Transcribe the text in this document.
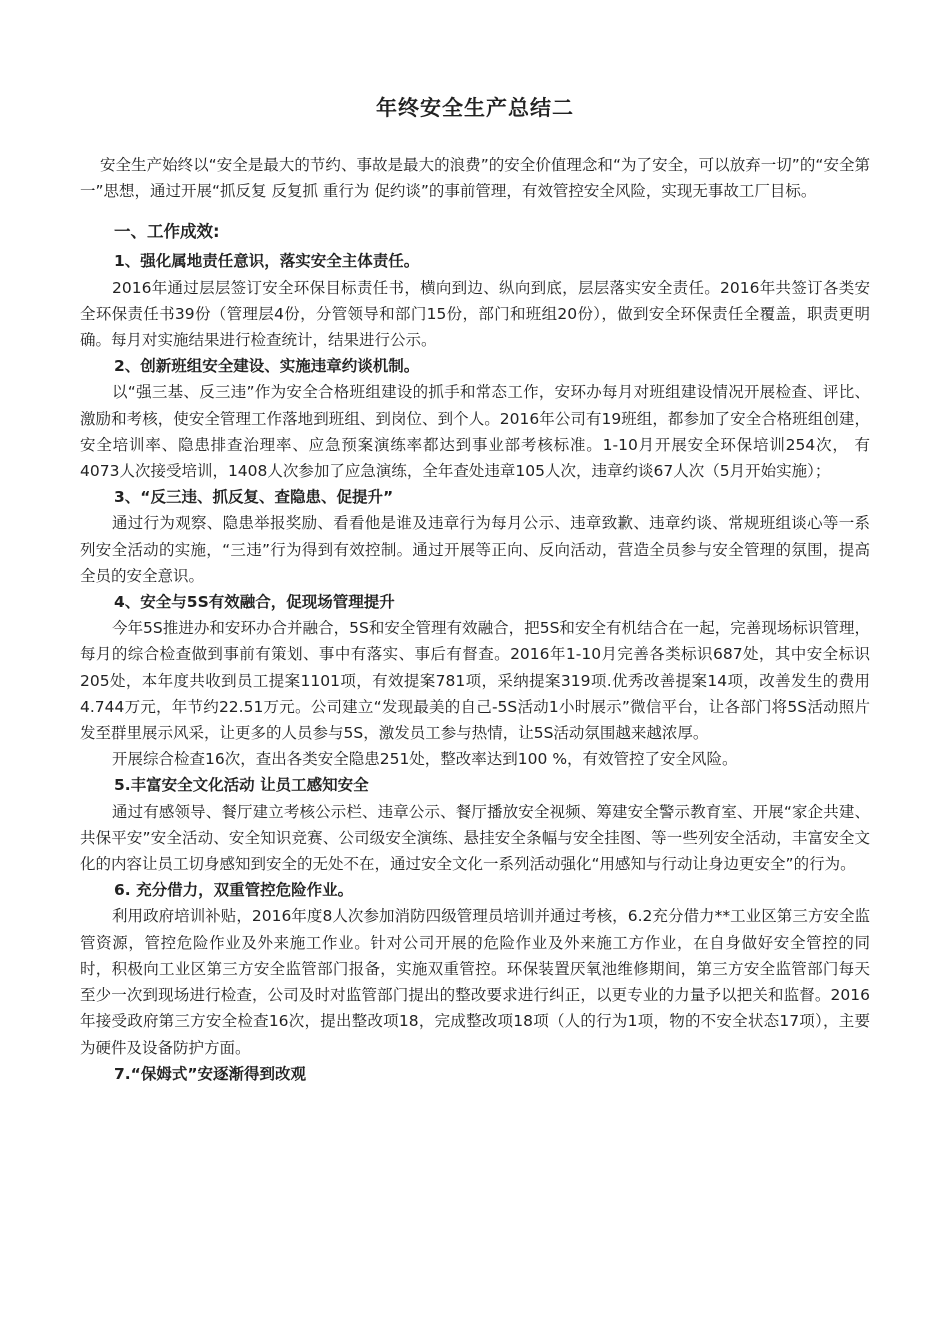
年终安全生产总结二

安全生产始终以“安全是最大的节约、事故是最大的浪费”的安全价值理念和“为了安全，可以放弃一切”的“安全第一”思想，通过开展“抓反复 反复抓 重行为 促约谈”的事前管理，有效管控安全风险，实现无事故工厂目标。

一、工作成效:
1、强化属地责任意识，落实安全主体责任。

2016年通过层层签订安全环保目标责任书，横向到边、纵向到底，层层落实安全责任。2016年共签订各类安全环保责任书39份（管理层4份，分管领导和部门15份，部门和班组20份），做到安全环保责任全覆盖，职责更明确。每月对实施结果进行检查统计，结果进行公示。

2、创新班组安全建设、实施违章约谈机制。

以“强三基、反三违”作为安全合格班组建设的抓手和常态工作，安环办每月对班组建设情况开展检查、评比、激励和考核，使安全管理工作落地到班组、到岗位、到个人。2016年公司有19班组，都参加了安全合格班组创建，安全培训率、隐患排查治理率、应急预案演练率都达到事业部考核标准。1-10月开展安全环保培训254次， 有4073人次接受培训，1408人次参加了应急演练，全年查处违章105人次，违章约谈67人次（5月开始实施）；

3、“反三违、抓反复、查隐患、促提升”

通过行为观察、隐患举报奖励、看看他是谁及违章行为每月公示、违章致歉、违章约谈、常规班组谈心等一系列安全活动的实施，“三违”行为得到有效控制。通过开展等正向、反向活动，营造全员参与安全管理的氛围，提高全员的安全意识。

4、安全与5S有效融合，促现场管理提升

今年5S推进办和安环办合并融合，5S和安全管理有效融合，把5S和安全有机结合在一起，完善现场标识管理，每月的综合检查做到事前有策划、事中有落实、事后有督查。2016年1-10月完善各类标识687处，其中安全标识205处，本年度共收到员工提案1101项，有效提案781项，采纳提案319项.优秀改善提案14项，改善发生的费用4.744万元，年节约22.51万元。公司建立“发现最美的自己-5S活动1小时展示”微信平台，让各部门将5S活动照片发至群里展示风采，让更多的人员参与5S，激发员工参与热情，让5S活动氛围越来越浓厚。

开展综合检查16次，查出各类安全隐患251处，整改率达到100 %，有效管控了安全风险。

5.丰富安全文化活动 让员工感知安全

通过有感领导、餐厅建立考核公示栏、违章公示、餐厅播放安全视频、筹建安全警示教育室、开展“家企共建、共保平安”安全活动、安全知识竞赛、公司级安全演练、悬挂安全条幅与安全挂图、等一些列安全活动，丰富安全文化的内容让员工切身感知到安全的无处不在，通过安全文化一系列活动强化“用感知与行动让身边更安全”的行为。

6. 充分借力，双重管控危险作业。

利用政府培训补贴，2016年度8人次参加消防四级管理员培训并通过考核，6.2充分借力**工业区第三方安全监管资源，管控危险作业及外来施工作业。针对公司开展的危险作业及外来施工方作业，在自身做好安全管控的同时，积极向工业区第三方安全监管部门报备，实施双重管控。环保装置厌氧池维修期间，第三方安全监管部门每天至少一次到现场进行检查，公司及时对监管部门提出的整改要求进行纠正，以更专业的力量予以把关和监督。2016年接受政府第三方安全检查16次，提出整改项18，完成整改项18项（人的行为1项，物的不安全状态17项），主要为硬件及设备防护方面。

7.“保姆式”安逐渐得到改观
